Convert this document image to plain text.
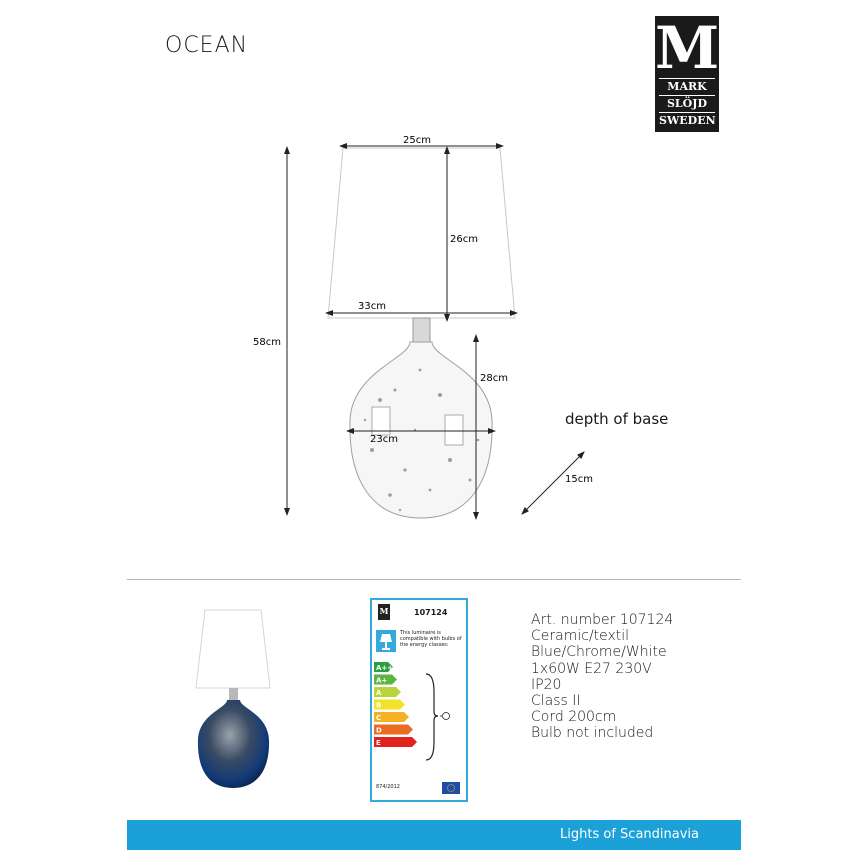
OCEAN	M
MARK
SLÖJD
SWEDEN
25cm
26cm
33cm
58cm
28cm
23cm
15cm
depth of base
M	107124
This luminaire is compatible with bulbs of the energy classes:
A++
A+
A
B
C
D
E
874/2012
Art. number 107124
Ceramic/textil
Blue/Chrome/White
1x60W E27 230V
IP20
Class II
Cord 200cm
Bulb not included
Lights of Scandinavia
